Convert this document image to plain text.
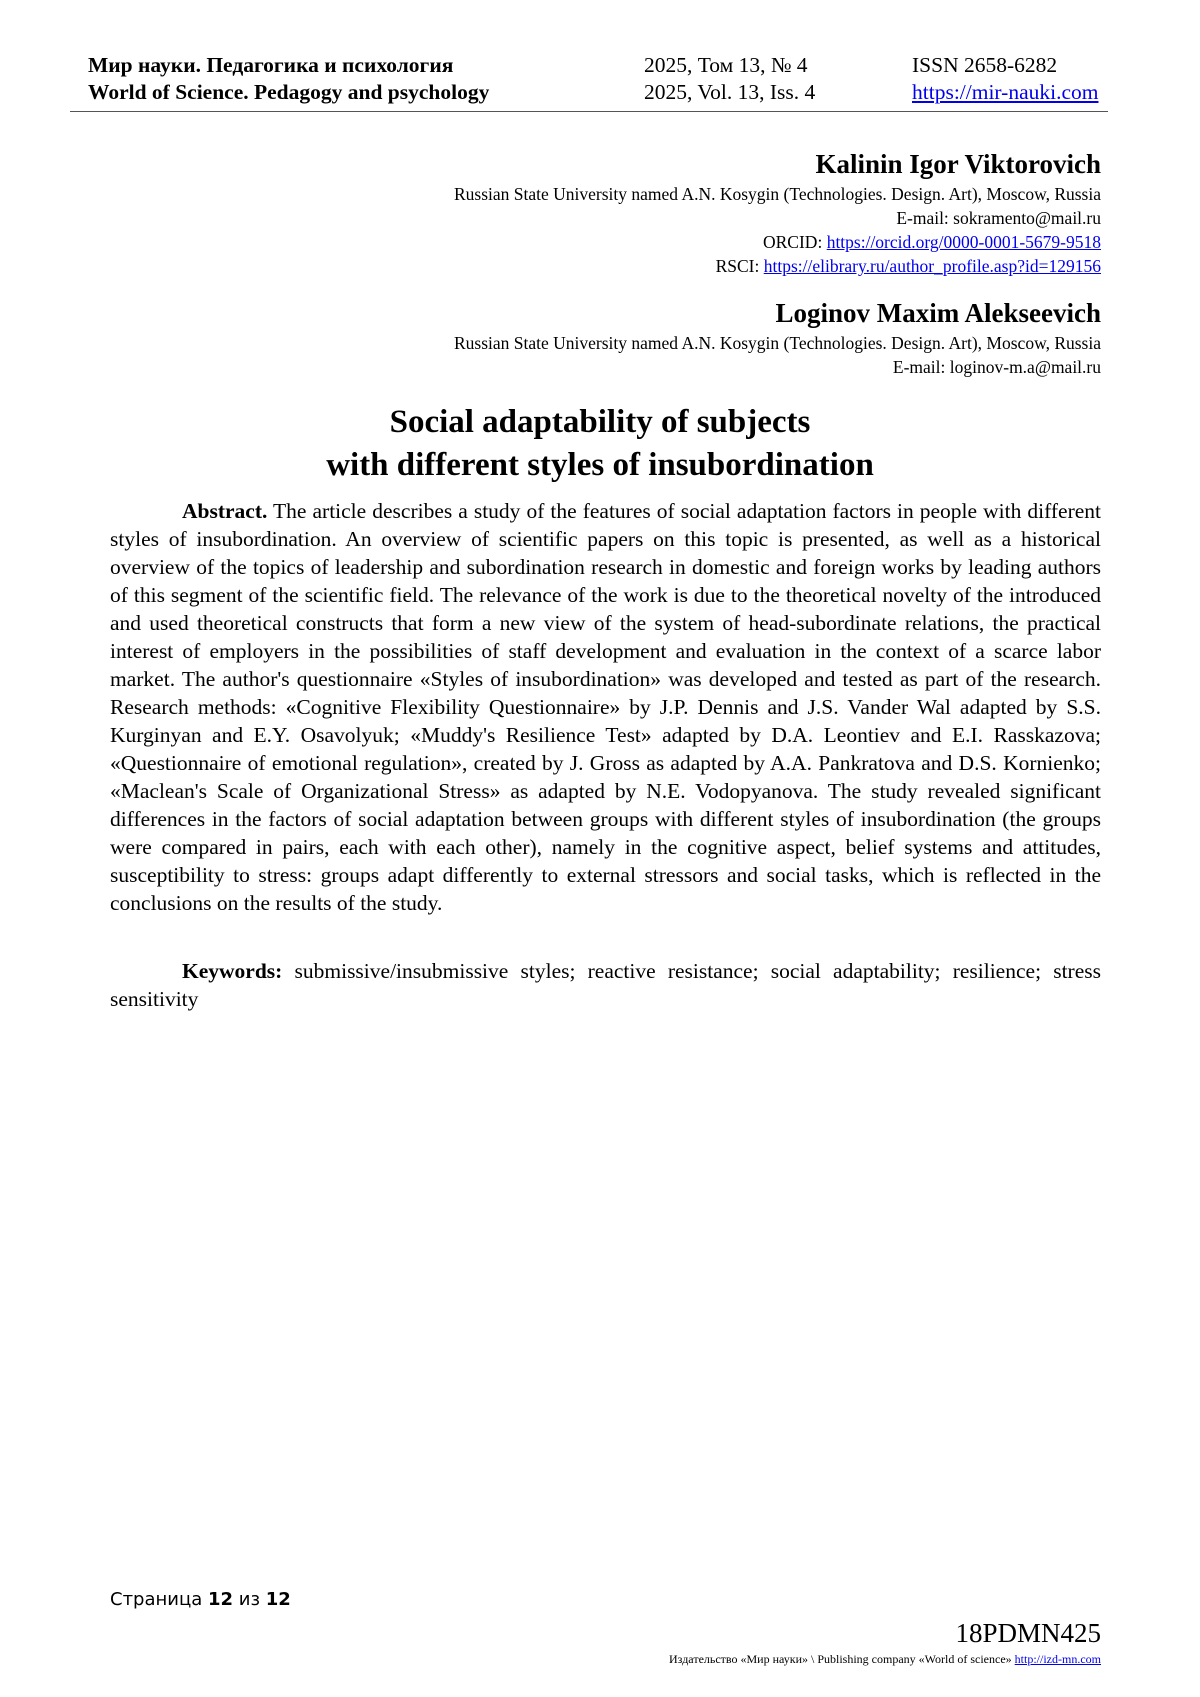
Мир науки. Педагогика и психология	2025, Том 13, № 4	ISSN 2658-6282
World of Science. Pedagogy and psychology	2025, Vol. 13, Iss. 4	https://mir-nauki.com
Kalinin Igor Viktorovich
Russian State University named A.N. Kosygin (Technologies. Design. Art), Moscow, Russia
E-mail: sokramento@mail.ru
ORCID: https://orcid.org/0000-0001-5679-9518
RSCI: https://elibrary.ru/author_profile.asp?id=129156
Loginov Maxim Alekseevich
Russian State University named A.N. Kosygin (Technologies. Design. Art), Moscow, Russia
E-mail: loginov-m.a@mail.ru
Social adaptability of subjects
with different styles of insubordination

Abstract. The article describes a study of the features of social adaptation factors in people with different styles of insubordination. An overview of scientific papers on this topic is presented, as well as a historical overview of the topics of leadership and subordination research in domestic and foreign works by leading authors of this segment of the scientific field. The relevance of the work is due to the theoretical novelty of the introduced and used theoretical constructs that form a new view of the system of head-subordinate relations, the practical interest of employers in the possibilities of staff development and evaluation in the context of a scarce labor market. The author's questionnaire «Styles of insubordination» was developed and tested as part of the research. Research methods: «Cognitive Flexibility Questionnaire» by J.P. Dennis and J.S. Vander Wal adapted by S.S. Kurginyan and E.Y. Osavolyuk; «Muddy's Resilience Test» adapted by D.A. Leontiev and E.I. Rasskazova; «Questionnaire of emotional regulation», created by J. Gross as adapted by A.A. Pankratova and D.S. Kornienko; «Maclean's Scale of Organizational Stress» as adapted by N.E. Vodopyanova. The study revealed significant differences in the factors of social adaptation between groups with different styles of insubordination (the groups were compared in pairs, each with each other), namely in the cognitive aspect, belief systems and attitudes, susceptibility to stress: groups adapt differently to external stressors and social tasks, which is reflected in the conclusions on the results of the study.

Keywords: submissive/insubmissive styles; reactive resistance; social adaptability; resilience; stress sensitivity

Страница 12 из 12
18PDMN425
Издательство «Мир науки» \ Publishing company «World of science» http://izd-mn.com
